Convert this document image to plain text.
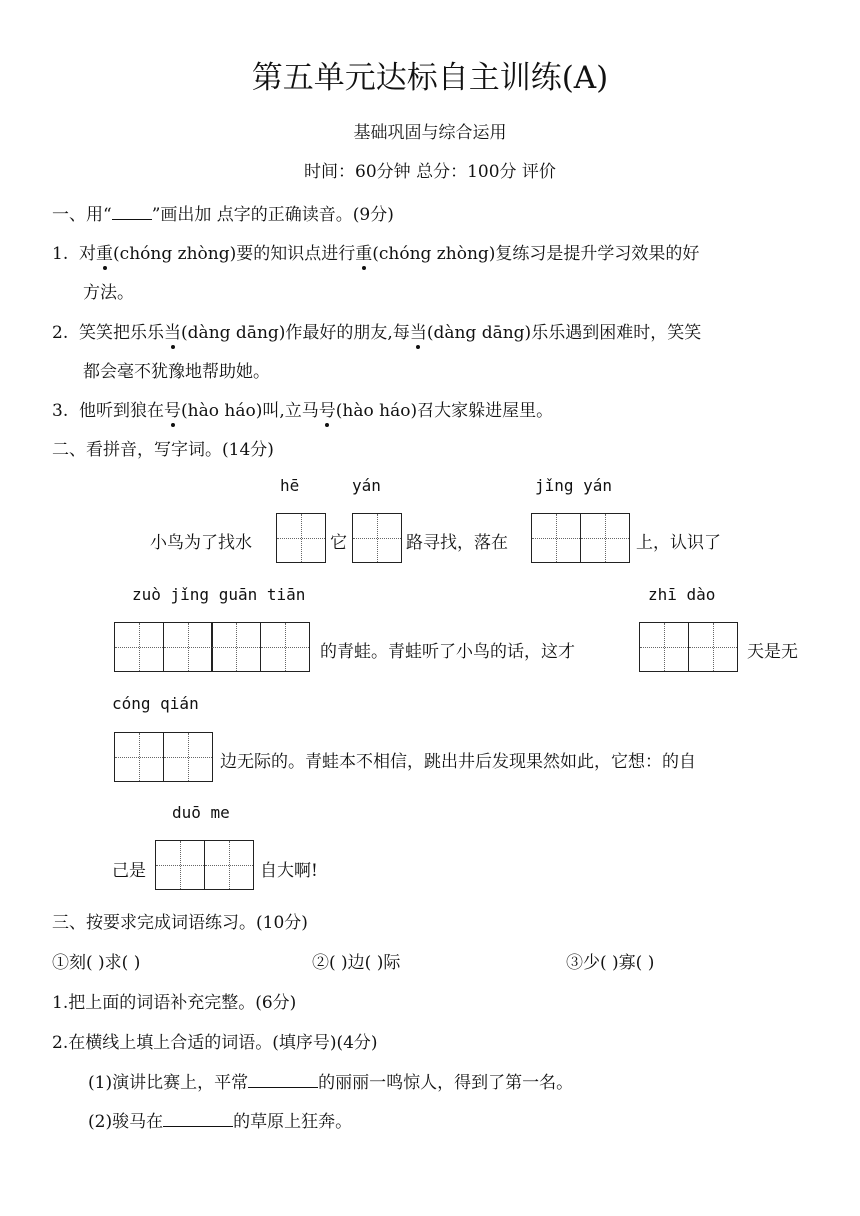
第五单元达标自主训练(A)
基础巩固与综合运用
时间：60分钟 总分：100分 评价
一、用“ ”画出加 点字的正确读音。(9分)
1. 对重(chóng zhòng)要的知识点进行重(chóng zhòng)复练习是提升学习效果的好
方法。
2. 笑笑把乐乐当(dàng dāng)作最好的朋友,每当(dàng dāng)乐乐遇到困难时，笑笑
都会毫不犹豫地帮助她。
3. 他听到狼在号(hào háo)叫,立马号(hào háo)召大家躲进屋里。
二、看拼音，写字词。(14分)
hē	yán	jǐng yán
小鸟为了找水	它	路寻找，落在	上，认识了
zuò jǐng guān tiān	zhī dào
的青蛙。青蛙听了小鸟的话，这才	天是无
cóng qián
边无际的。青蛙本不相信，跳出井后发现果然如此，它想：的自
duō me
己是	自大啊!
三、按要求完成词语练习。(10分)
①刻( )求( )	②( )边( )际	③少( )寡( )
1.把上面的词语补充完整。(6分)
2.在横线上填上合适的词语。(填序号)(4分)
(1)演讲比赛上，平常	的丽丽一鸣惊人，得到了第一名。
(2)骏马在	的草原上狂奔。
